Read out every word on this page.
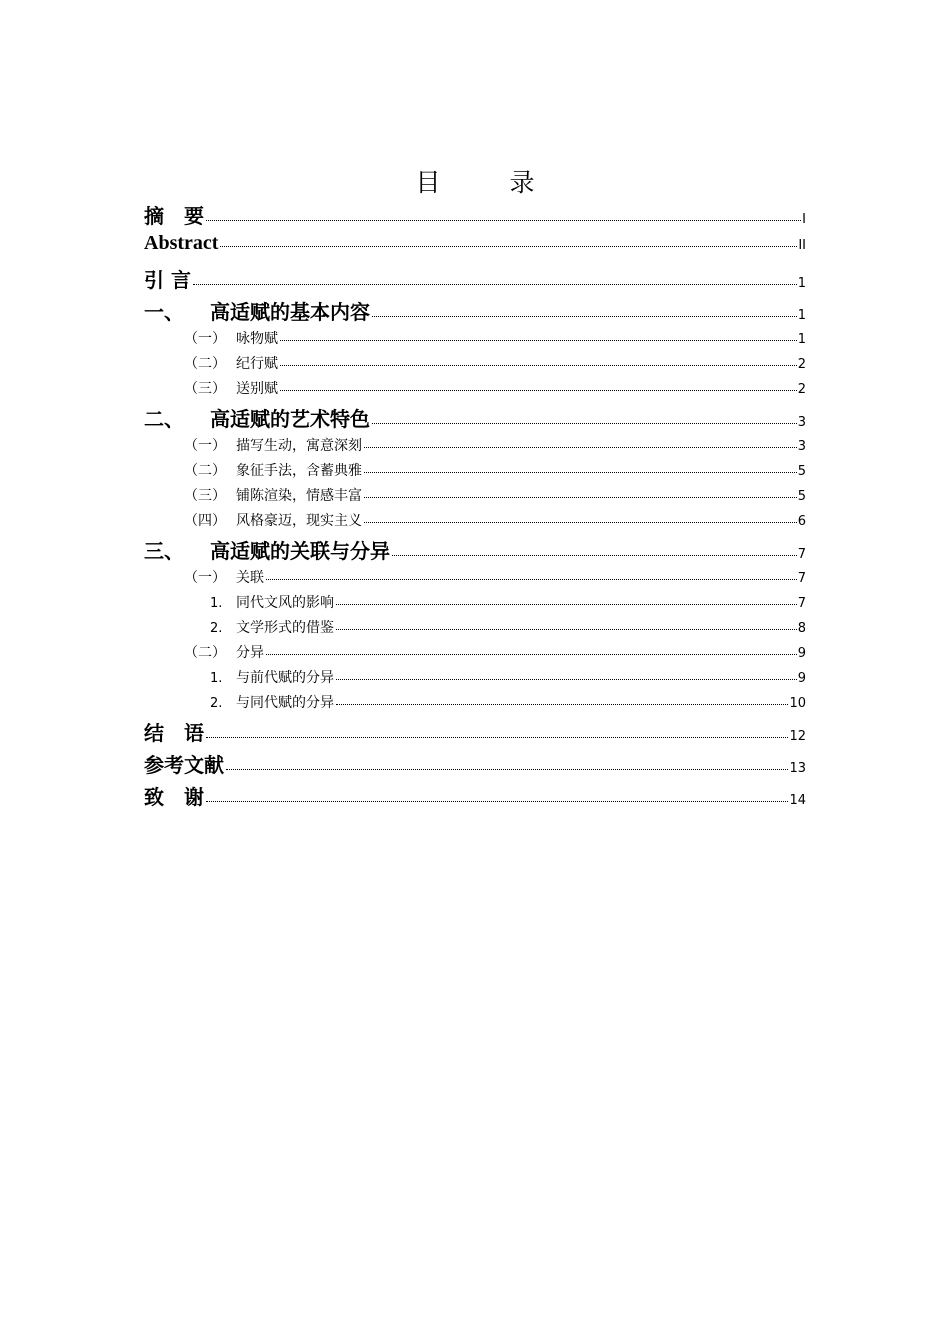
目　录
摘　要	I
Abstract	II
引 言	1
一、	高适赋的基本内容	1
（一） 咏物赋	1
（二） 纪行赋	2
（三） 送别赋	2
二、	高适赋的艺术特色	3
（一） 描写生动，寓意深刻	3
（二） 象征手法，含蓄典雅	5
（三） 铺陈渲染，情感丰富	5
（四） 风格豪迈，现实主义	6
三、	高适赋的关联与分异	7
（一） 关联	7
1. 同代文风的影响	7
2. 文学形式的借鉴	8
（二） 分异	9
1. 与前代赋的分异	9
2. 与同代赋的分异	10
结　语	12
参考文献	13
致　谢	14
